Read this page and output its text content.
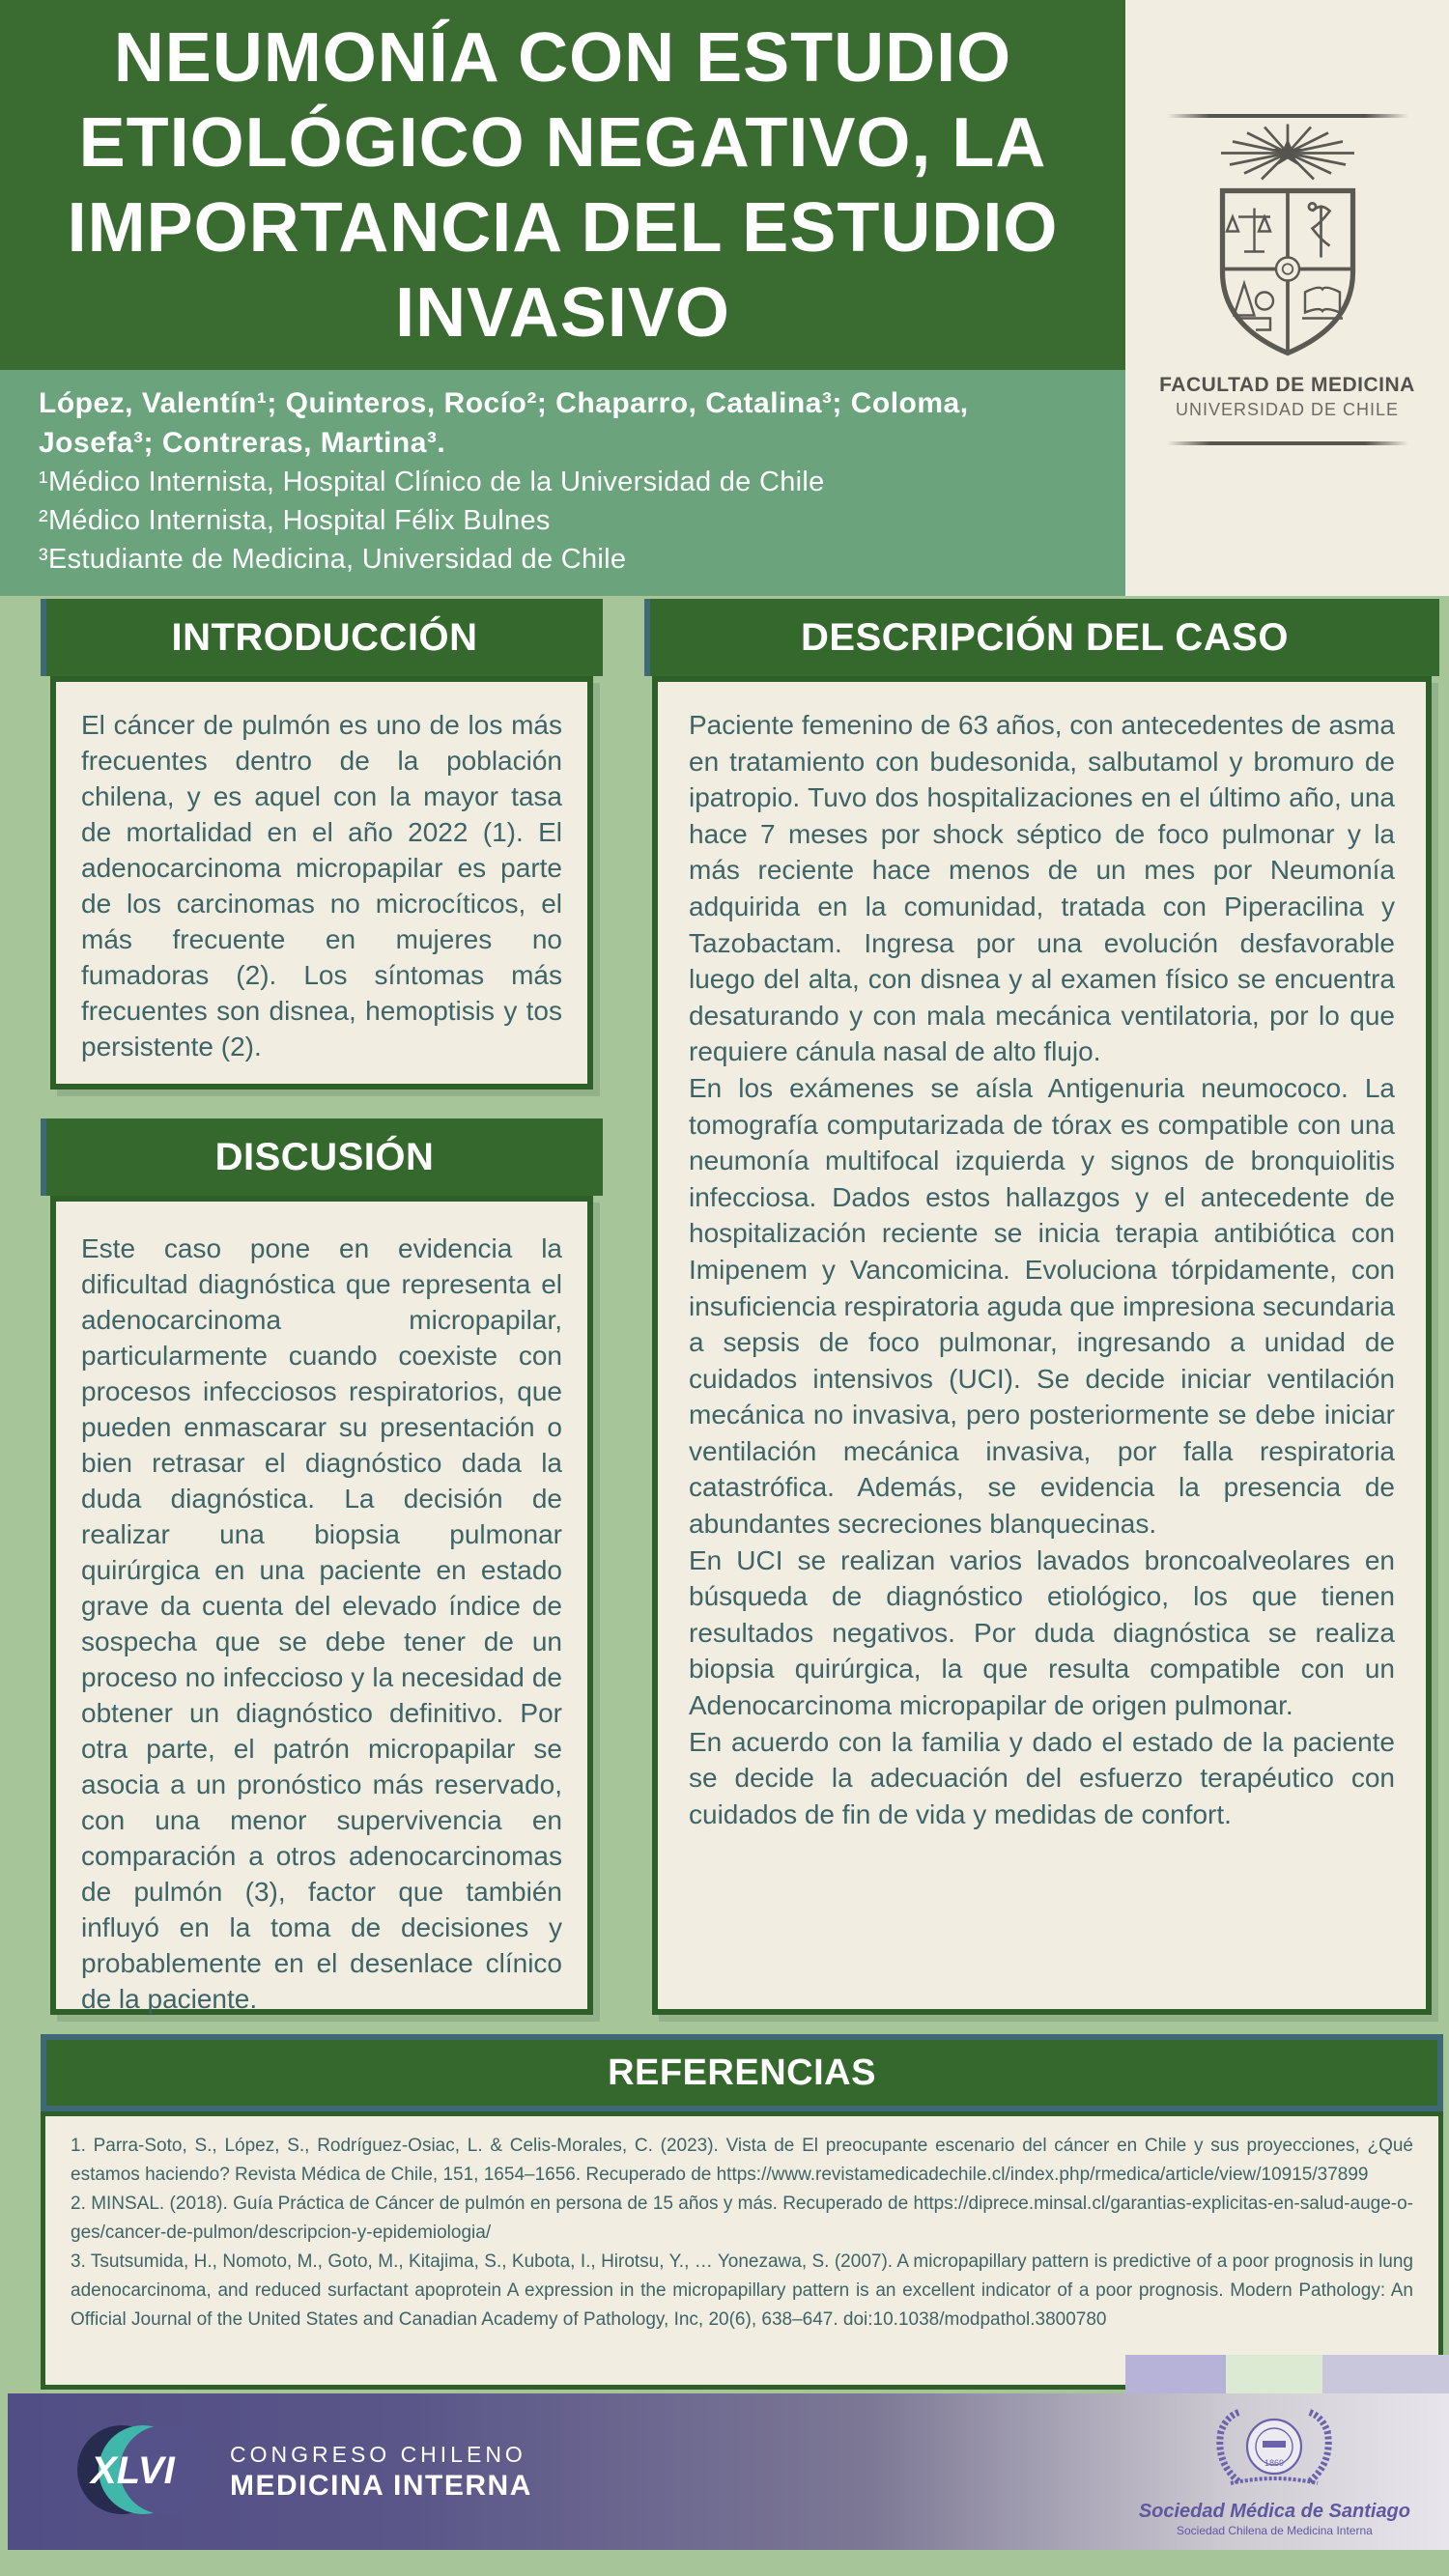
NEUMONÍA CON ESTUDIO
ETIOLÓGICO NEGATIVO, LA
IMPORTANCIA DEL ESTUDIO
INVASIVO
López, Valentín¹; Quinteros, Rocío²; Chaparro, Catalina³; Coloma, Josefa³; Contreras, Martina³.
¹Médico Internista, Hospital Clínico de la Universidad de Chile
²Médico Internista, Hospital Félix Bulnes
³Estudiante de Medicina, Universidad de Chile
FACULTAD DE MEDICINA
UNIVERSIDAD DE CHILE
INTRODUCCIÓN

El cáncer de pulmón es uno de los más frecuentes dentro de la población chilena, y es aquel con la mayor tasa de mortalidad en el año 2022 (1). El adenocarcinoma micropapilar es parte de los carcinomas no microcíticos, el más frecuente en mujeres no fumadoras (2). Los síntomas más frecuentes son disnea, hemoptisis y tos persistente (2).

DISCUSIÓN

Este caso pone en evidencia la dificultad diagnóstica que representa el adenocarcinoma micropapilar, particularmente cuando coexiste con procesos infecciosos respiratorios, que pueden enmascarar su presentación o bien retrasar el diagnóstico dada la duda diagnóstica. La decisión de realizar una biopsia pulmonar quirúrgica en una paciente en estado grave da cuenta del elevado índice de sospecha que se debe tener de un proceso no infeccioso y la necesidad de obtener un diagnóstico definitivo. Por otra parte, el patrón micropapilar se asocia a un pronóstico más reservado, con una menor supervivencia en comparación a otros adenocarcinomas de pulmón (3), factor que también influyó en la toma de decisiones y probablemente en el desenlace clínico de la paciente.

DESCRIPCIÓN DEL CASO

Paciente femenino de 63 años, con antecedentes de asma en tratamiento con budesonida, salbutamol y bromuro de ipatropio. Tuvo dos hospitalizaciones en el último año, una hace 7 meses por shock séptico de foco pulmonar y la más reciente hace menos de un mes por Neumonía adquirida en la comunidad, tratada con Piperacilina y Tazobactam. Ingresa por una evolución desfavorable luego del alta, con disnea y al examen físico se encuentra desaturando y con mala mecánica ventilatoria, por lo que requiere cánula nasal de alto flujo.

En los exámenes se aísla Antigenuria neumococo. La tomografía computarizada de tórax es compatible con una neumonía multifocal izquierda y signos de bronquiolitis infecciosa. Dados estos hallazgos y el antecedente de hospitalización reciente se inicia terapia antibiótica con Imipenem y Vancomicina. Evoluciona tórpidamente, con insuficiencia respiratoria aguda que impresiona secundaria a sepsis de foco pulmonar, ingresando a unidad de cuidados intensivos (UCI). Se decide iniciar ventilación mecánica no invasiva, pero posteriormente se debe iniciar ventilación mecánica invasiva, por falla respiratoria catastrófica. Además, se evidencia la presencia de abundantes secreciones blanquecinas.

En UCI se realizan varios lavados broncoalveolares en búsqueda de diagnóstico etiológico, los que tienen resultados negativos. Por duda diagnóstica se realiza biopsia quirúrgica, la que resulta compatible con un Adenocarcinoma micropapilar de origen pulmonar.

En acuerdo con la familia y dado el estado de la paciente se decide la adecuación del esfuerzo terapéutico con cuidados de fin de vida y medidas de confort.

REFERENCIAS

1. Parra-Soto, S., López, S., Rodríguez-Osiac, L. & Celis-Morales, C. (2023). Vista de El preocupante escenario del cáncer en Chile y sus proyecciones, ¿Qué estamos haciendo? Revista Médica de Chile, 151, 1654–1656. Recuperado de https://www.revistamedicadechile.cl/index.php/rmedica/article/view/10915/37899

2. MINSAL. (2018). Guía Práctica de Cáncer de pulmón en persona de 15 años y más. Recuperado de https://diprece.minsal.cl/garantias-explicitas-en-salud-auge-o-ges/cancer-de-pulmon/descripcion-y-epidemiologia/

3. Tsutsumida, H., Nomoto, M., Goto, M., Kitajima, S., Kubota, I., Hirotsu, Y., … Yonezawa, S. (2007). A micropapillary pattern is predictive of a poor prognosis in lung adenocarcinoma, and reduced surfactant apoprotein A expression in the micropapillary pattern is an excellent indicator of a poor prognosis. Modern Pathology: An Official Journal of the United States and Canadian Academy of Pathology, Inc, 20(6), 638–647. doi:10.1038/modpathol.3800780

XLVI CONGRESO CHILENO
MEDICINA INTERNA
1869
Sociedad Médica de Santiago
Sociedad Chilena de Medicina Interna
